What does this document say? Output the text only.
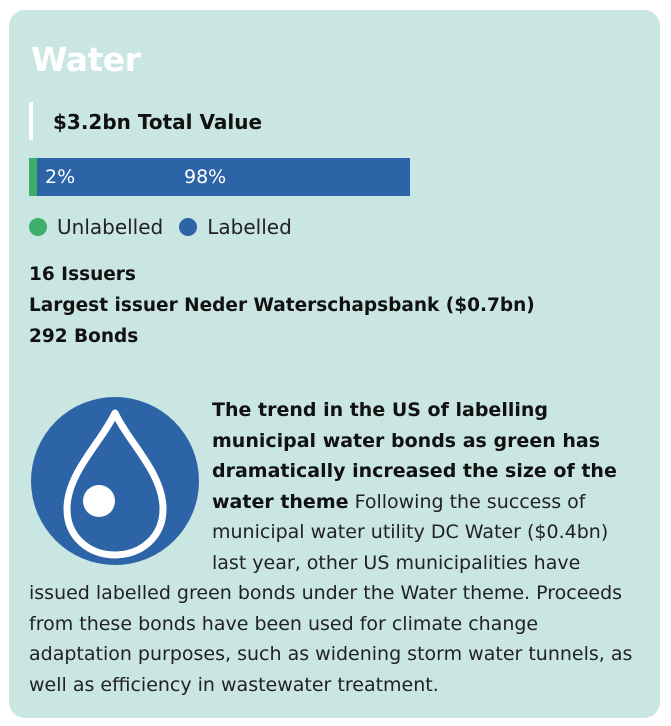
Water
$3.2bn Total Value
2%	98%
Unlabelled Labelled
16 Issuers
Largest issuer Neder Waterschapsbank ($0.7bn)
292 Bonds
The trend in the US of labelling municipal water bonds as green has dramatically increased the size of the water theme Following the success of municipal water utility DC Water ($0.4bn) last year, other US municipalities have issued labelled green bonds under the Water theme. Proceeds from these bonds have been used for climate change adaptation purposes, such as widening storm water tunnels, as well as efficiency in wastewater treatment.
